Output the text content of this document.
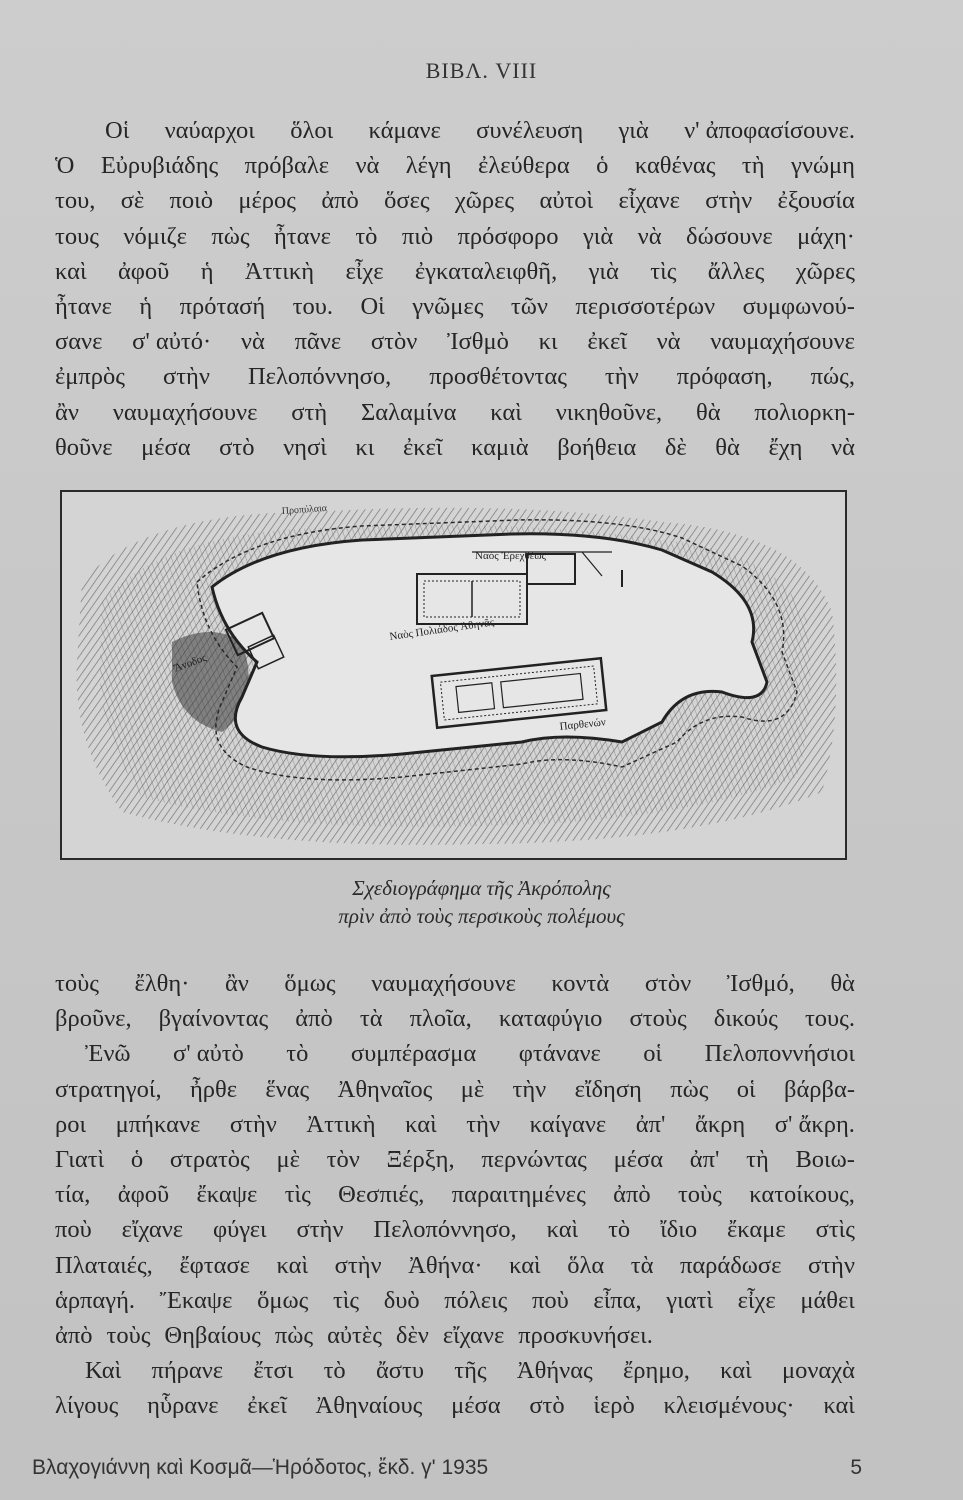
ΒΙΒΛ. VIII
Οἱ ναύαρχοι ὅλοι κάμανε συνέλευση γιὰ ν' ἀποφασίσουνε.
Ὁ Εὐρυβιάδης πρόβαλε νὰ λέγη ἐλεύθερα ὁ καθένας τὴ γνώμη
του, σὲ ποιὸ μέρος ἀπὸ ὅσες χῶρες αὐτοὶ εἶχανε στὴν ἐξουσία
τους νόμιζε πὼς ἦτανε τὸ πιὸ πρόσφορο γιὰ νὰ δώσουνε μάχη·
καὶ ἀφοῦ ἡ Ἀττικὴ εἶχε ἐγκαταλειφθῆ, γιὰ τὶς ἄλλες χῶρες
ἦτανε ἡ πρότασή του. Οἱ γνῶμες τῶν περισσοτέρων συμφωνού-
σανε σ' αὐτό· νὰ πᾶνε στὸν Ἰσθμὸ κι ἐκεῖ νὰ ναυμαχήσουνε
ἐμπρὸς στὴν Πελοπόννησο, προσθέτοντας τὴν πρόφαση, πώς,
ἂν ναυμαχήσουνε στὴ Σαλαμίνα καὶ νικηθοῦνε, θὰ πολιορκη-
θοῦνε μέσα στὸ νησὶ κι ἐκεῖ καμιὰ βοήθεια δὲ θὰ ἔχη νὰ
Ναὸς Ἐρεχθέως
Ναὸς Πολιάδος Ἀθηνᾶς
Παρθενών
Προπύλαια
Ἄνοδος
Σχεδιογράφημα τῆς Ἀκρόπολης
πρὶν ἀπὸ τοὺς περσικοὺς πολέμους
τοὺς ἔλθη· ἂν ὅμως ναυμαχήσουνε κοντὰ στὸν Ἰσθμό, θὰ
βροῦνε, βγαίνοντας ἀπὸ τὰ πλοῖα, καταφύγιο στοὺς δικούς τους.
Ἐνῶ σ' αὐτὸ τὸ συμπέρασμα φτάνανε οἱ Πελοποννήσιοι
στρατηγοί, ἦρθε ἕνας Ἀθηναῖος μὲ τὴν εἴδηση πὼς οἱ βάρβα-
ροι μπήκανε στὴν Ἀττικὴ καὶ τὴν καίγανε ἀπ' ἄκρη σ' ἄκρη.
Γιατὶ ὁ στρατὸς μὲ τὸν Ξέρξη, περνώντας μέσα ἀπ' τὴ Βοιω-
τία, ἀφοῦ ἔκαψε τὶς Θεσπιές, παραιτημένες ἀπὸ τοὺς κατοίκους,
ποὺ εἴχανε φύγει στὴν Πελοπόννησο, καὶ τὸ ἴδιο ἔκαμε στὶς
Πλαταιές, ἔφτασε καὶ στὴν Ἀθήνα· καὶ ὅλα τὰ παράδωσε στὴν
ἁρπαγή. Ἔκαψε ὅμως τὶς δυὸ πόλεις ποὺ εἶπα, γιατὶ εἶχε μάθει
ἀπὸ τοὺς Θηβαίους πὼς αὐτὲς δὲν εἴχανε προσκυνήσει.
Καὶ πήρανε ἔτσι τὸ ἄστυ τῆς Ἀθήνας ἔρημο, καὶ μοναχὰ
λίγους ηὗρανε ἐκεῖ Ἀθηναίους μέσα στὸ ἱερὸ κλεισμένους· καὶ
Βλαχογιάννη καὶ Κοσμᾶ—Ἡρόδοτος, ἔκδ. γ' 1935	5
